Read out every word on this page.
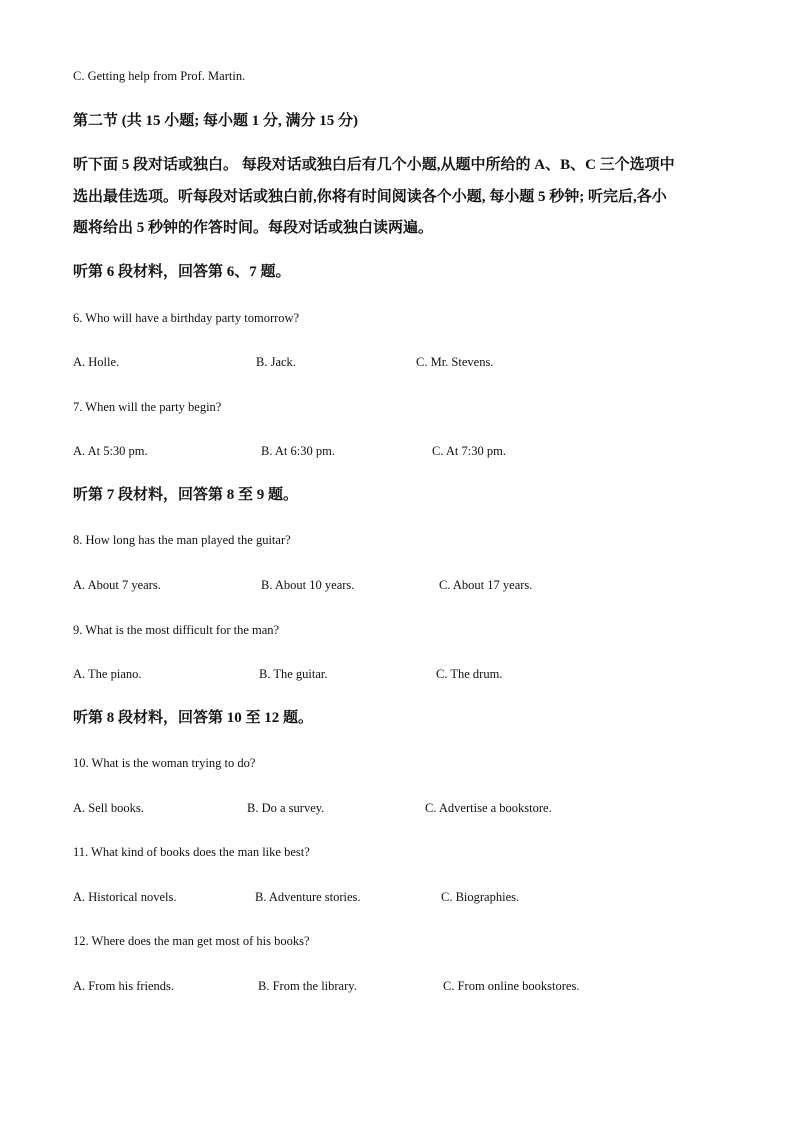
C. Getting help from Prof. Martin.
第二节 (共 15 小题; 每小题 1 分, 满分 15 分)
听下面 5 段对话或独白。 每段对话或独白后有几个小题,从题中所给的 A、B、C 三个选项中
选出最佳选项。听每段对话或独白前,你将有时间阅读各个小题, 每小题 5 秒钟; 听完后,各小
题将给出 5 秒钟的作答时间。每段对话或独白读两遍。
听第 6 段材料，回答第 6、7 题。
6. Who will have a birthday party tomorrow?
A. Holle.	B. Jack.	C. Mr. Stevens.
7. When will the party begin?
A. At 5:30 pm.	B. At 6:30 pm.	C. At 7:30 pm.
听第 7 段材料，回答第 8 至 9 题。
8. How long has the man played the guitar?
A. About 7 years.	B. About 10 years.	C. About 17 years.
9. What is the most difficult for the man?
A. The piano.	B. The guitar.	C. The drum.
听第 8 段材料，回答第 10 至 12 题。
10. What is the woman trying to do?
A. Sell books.	B. Do a survey.	C. Advertise a bookstore.
11. What kind of books does the man like best?
A. Historical novels.	B. Adventure stories.	C. Biographies.
12. Where does the man get most of his books?
A. From his friends.	B. From the library.	C. From online bookstores.
